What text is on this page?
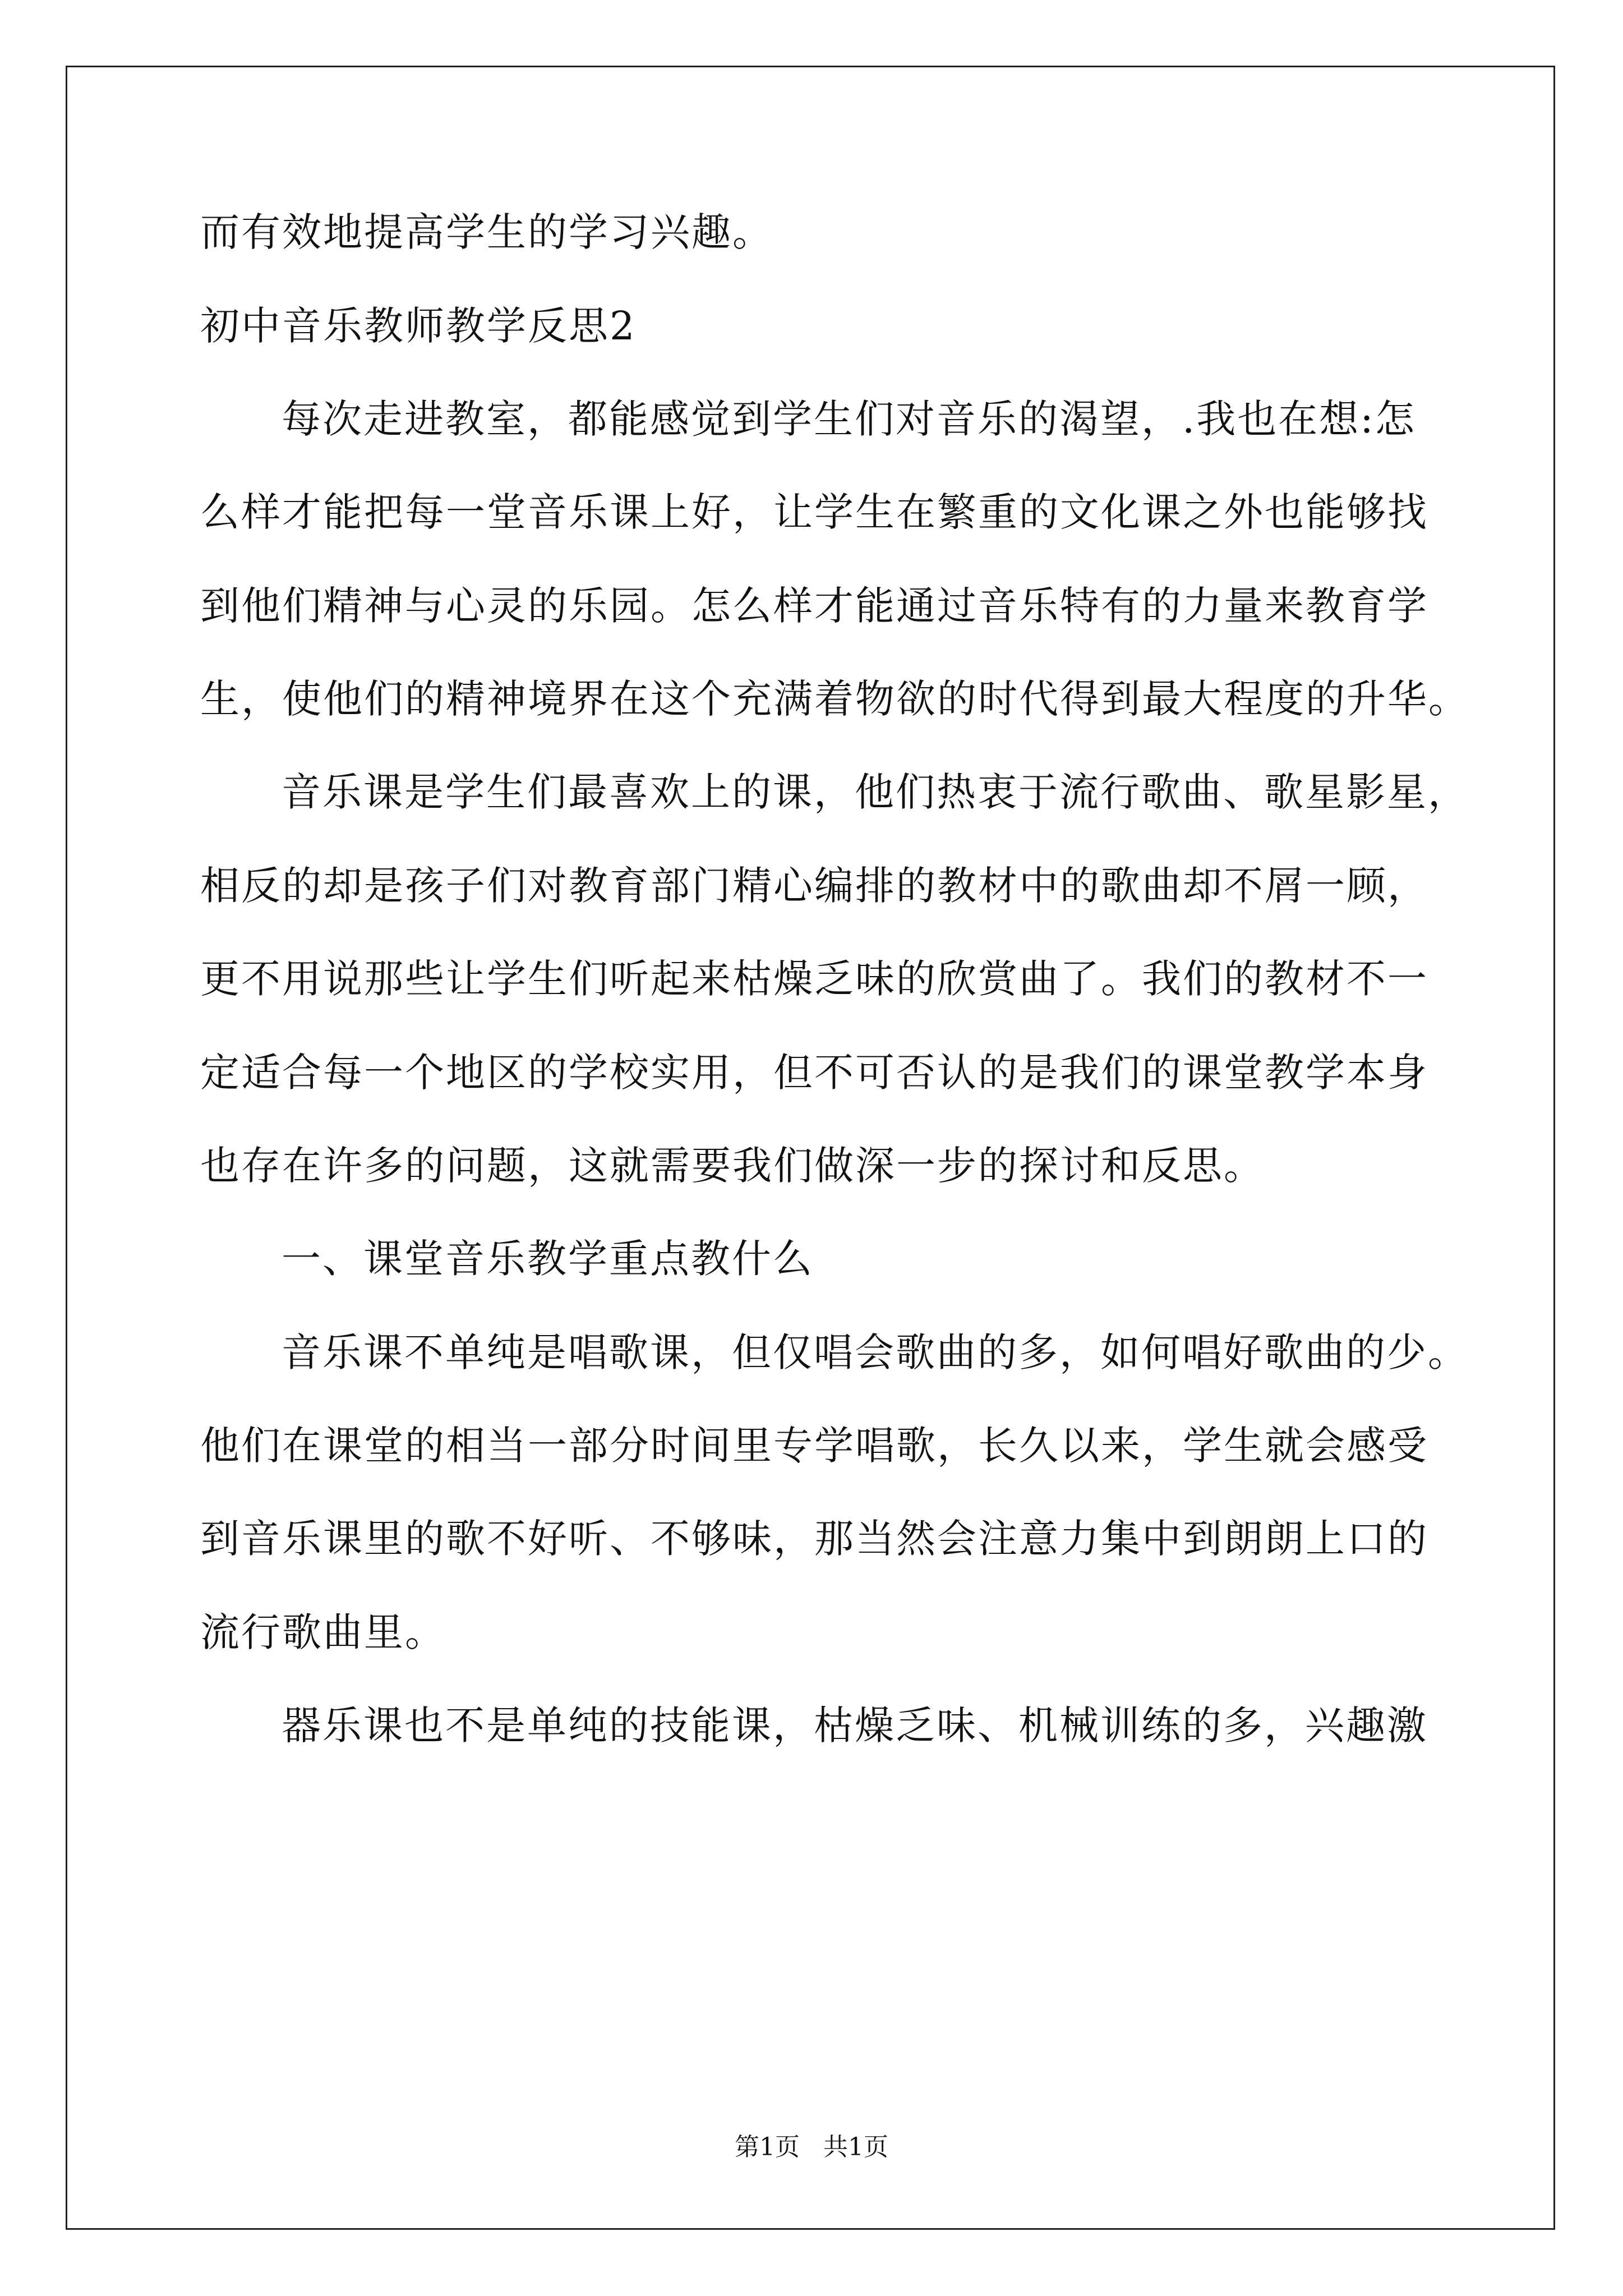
而有效地提高学生的学习兴趣。
初中音乐教师教学反思2
每次走进教室，都能感觉到学生们对音乐的渴望，.我也在想:怎
么样才能把每一堂音乐课上好，让学生在繁重的文化课之外也能够找
到他们精神与心灵的乐园。怎么样才能通过音乐特有的力量来教育学
生，使他们的精神境界在这个充满着物欲的时代得到最大程度的升华。
音乐课是学生们最喜欢上的课，他们热衷于流行歌曲、歌星影星，
相反的却是孩子们对教育部门精心编排的教材中的歌曲却不屑一顾，
更不用说那些让学生们听起来枯燥乏味的欣赏曲了。我们的教材不一
定适合每一个地区的学校实用，但不可否认的是我们的课堂教学本身
也存在许多的问题，这就需要我们做深一步的探讨和反思。
一、课堂音乐教学重点教什么
音乐课不单纯是唱歌课，但仅唱会歌曲的多，如何唱好歌曲的少。
他们在课堂的相当一部分时间里专学唱歌，长久以来，学生就会感受
到音乐课里的歌不好听、不够味，那当然会注意力集中到朗朗上口的
流行歌曲里。
器乐课也不是单纯的技能课，枯燥乏味、机械训练的多，兴趣激
第1页   共1页
